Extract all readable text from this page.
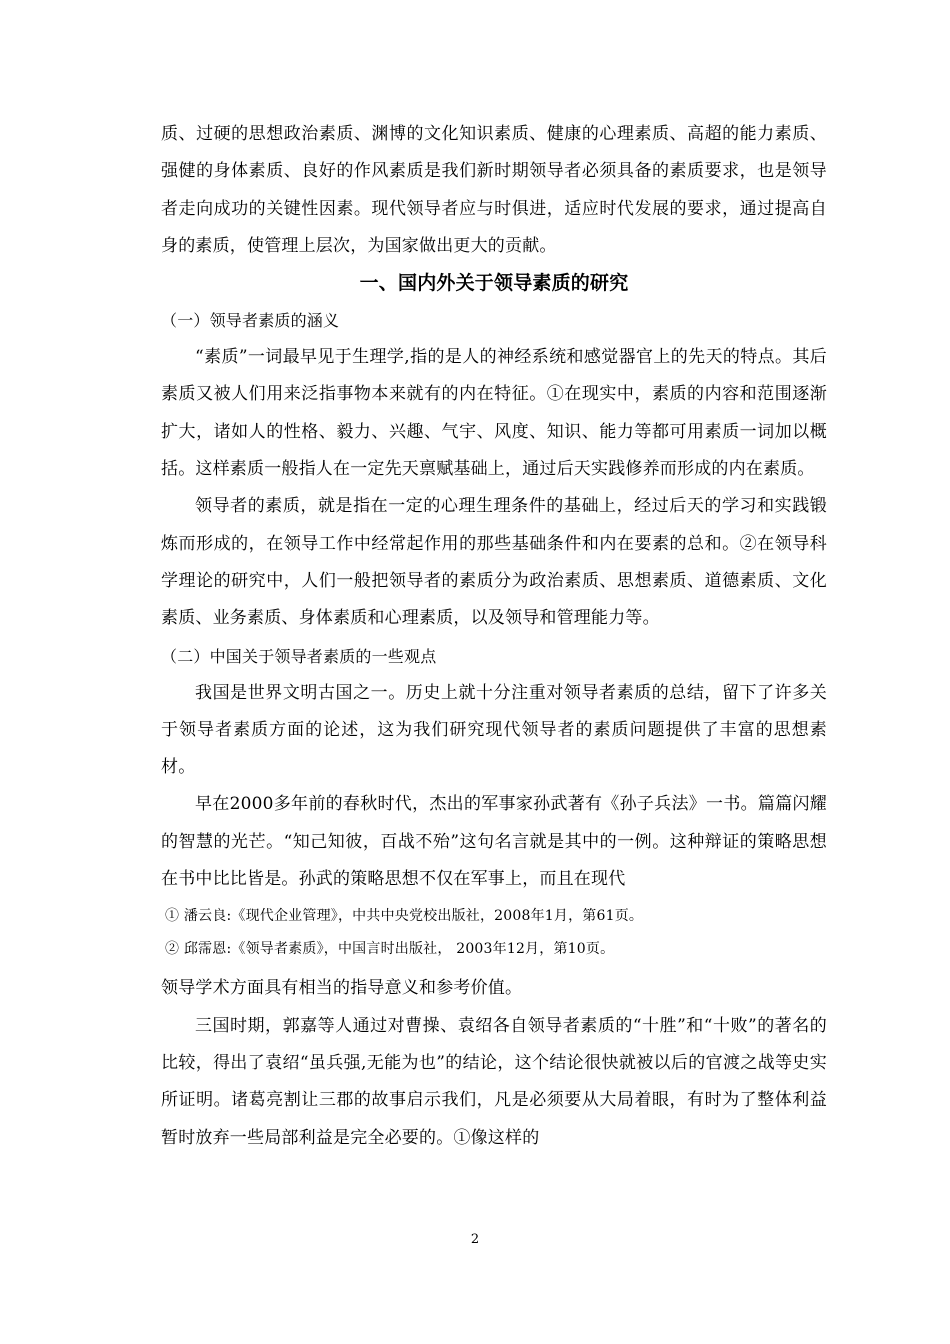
质、过硬的思想政治素质、渊博的文化知识素质、健康的心理素质、高超的能力素质、强健的身体素质、良好的作风素质是我们新时期领导者必须具备的素质要求，也是领导者走向成功的关键性因素。现代领导者应与时俱进，适应时代发展的要求，通过提高自身的素质，使管理上层次，为国家做出更大的贡献。

一、国内外关于领导素质的研究

（一）领导者素质的涵义

“素质”一词最早见于生理学,指的是人的神经系统和感觉器官上的先天的特点。其后素质又被人们用来泛指事物本来就有的内在特征。①在现实中，素质的内容和范围逐渐扩大，诸如人的性格、毅力、兴趣、气宇、风度、知识、能力等都可用素质一词加以概括。这样素质一般指人在一定先天禀赋基础上，通过后天实践修养而形成的内在素质。

领导者的素质，就是指在一定的心理生理条件的基础上，经过后天的学习和实践锻炼而形成的，在领导工作中经常起作用的那些基础条件和内在要素的总和。②在领导科学理论的研究中，人们一般把领导者的素质分为政治素质、思想素质、道德素质、文化素质、业务素质、身体素质和心理素质，以及领导和管理能力等。

（二）中国关于领导者素质的一些观点

我国是世界文明古国之一。历史上就十分注重对领导者素质的总结，留下了许多关于领导者素质方面的论述，这为我们研究现代领导者的素质问题提供了丰富的思想素材。

早在2000多年前的春秋时代，杰出的军事家孙武著有《孙子兵法》一书。篇篇闪耀的智慧的光芒。“知己知彼，百战不殆”这句名言就是其中的一例。这种辩证的策略思想在书中比比皆是。孙武的策略思想不仅在军事上，而且在现代

① 潘云良:《现代企业管理》，中共中央党校出版社，2008年1月，第61页。
② 邱霈恩:《领导者素质》，中国言时出版社， 2003年12月，第10页。

领导学术方面具有相当的指导意义和参考价值。

三国时期，郭嘉等人通过对曹操、袁绍各自领导者素质的“十胜”和“十败”的著名的比较，得出了袁绍“虽兵强,无能为也”的结论，这个结论很快就被以后的官渡之战等史实所证明。诸葛亮割让三郡的故事启示我们，凡是必须要从大局着眼，有时为了整体利益暂时放弃一些局部利益是完全必要的。①像这样的

2
